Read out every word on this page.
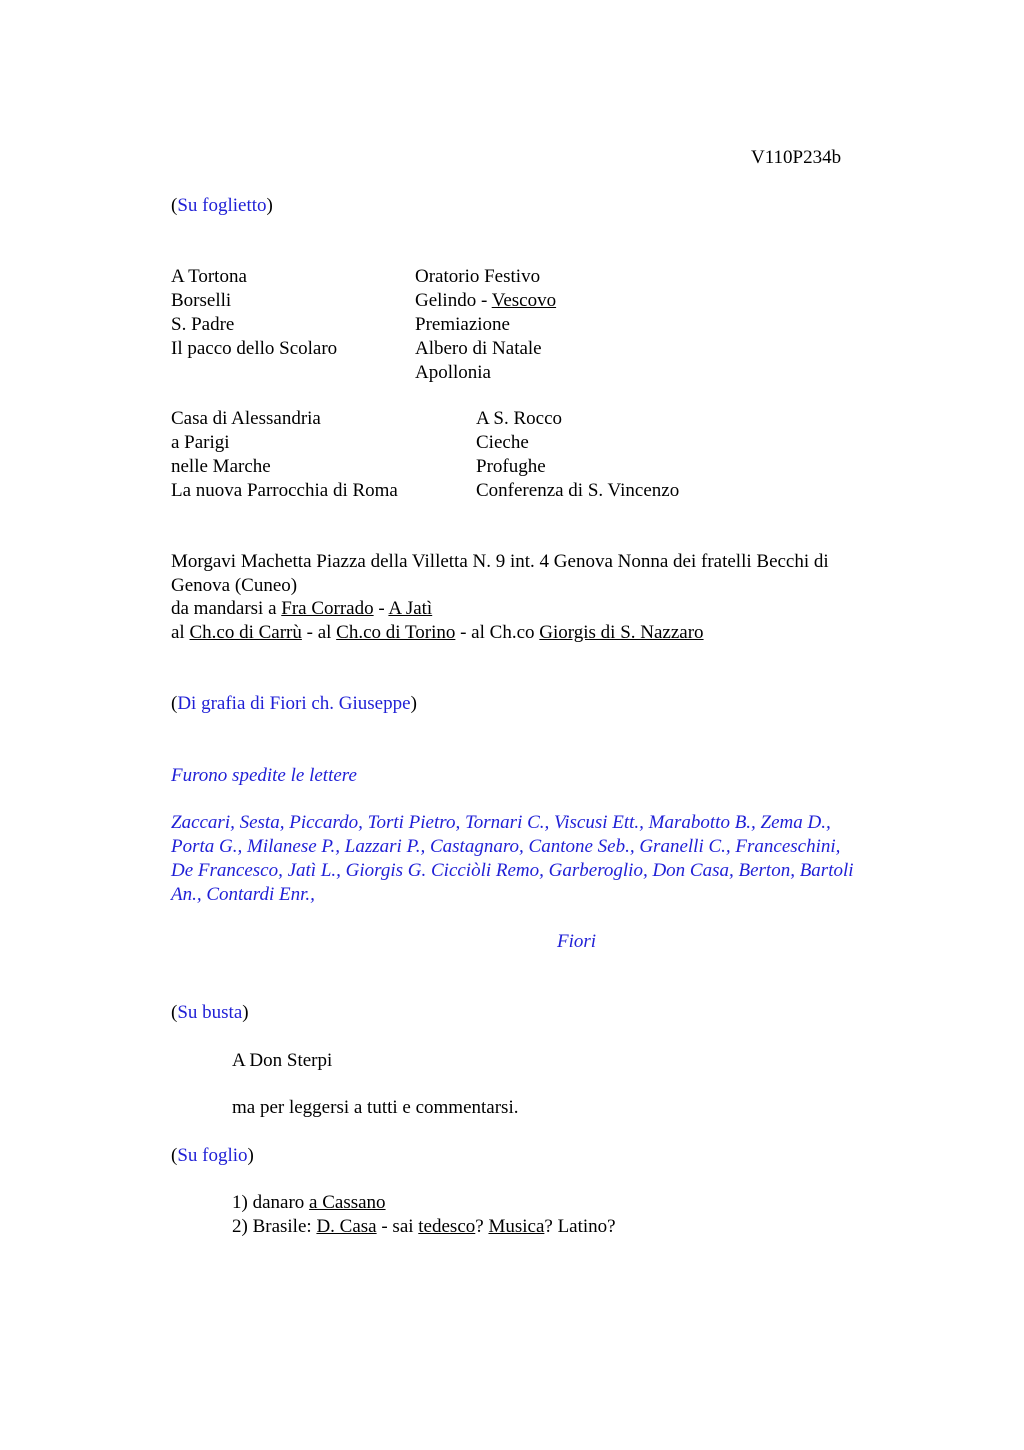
V110P234b
(Su foglietto)
A Tortona
Borselli
S. Padre
Il pacco dello Scolaro
Oratorio Festivo
Gelindo - Vescovo
Premiazione
Albero di Natale
Apollonia
Casa di Alessandria
a Parigi
nelle Marche
La nuova Parrocchia di Roma
A S. Rocco
Cieche
Profughe
Conferenza di S. Vincenzo
Morgavi Machetta Piazza della Villetta N. 9 int. 4 Genova Nonna dei fratelli Becchi di
Genova (Cuneo)
da mandarsi a Fra Corrado - A Jatì
al Ch.co di Carrù - al Ch.co di Torino - al Ch.co Giorgis di S. Nazzaro
(Di grafia di Fiori ch. Giuseppe)
Furono spedite le lettere
Zaccari, Sesta, Piccardo, Torti Pietro, Tornari C., Viscusi Ett., Marabotto B., Zema D.,
Porta G., Milanese P., Lazzari P., Castagnaro, Cantone Seb., Granelli C., Franceschini,
De Francesco, Jatì L., Giorgis G. Cicciòli Remo, Garberoglio, Don Casa, Berton, Bartoli
An., Contardi Enr.,
Fiori
(Su busta)
A Don Sterpi
ma per leggersi a tutti e commentarsi.
(Su foglio)
1) danaro a Cassano
2) Brasile: D. Casa - sai tedesco? Musica? Latino?
